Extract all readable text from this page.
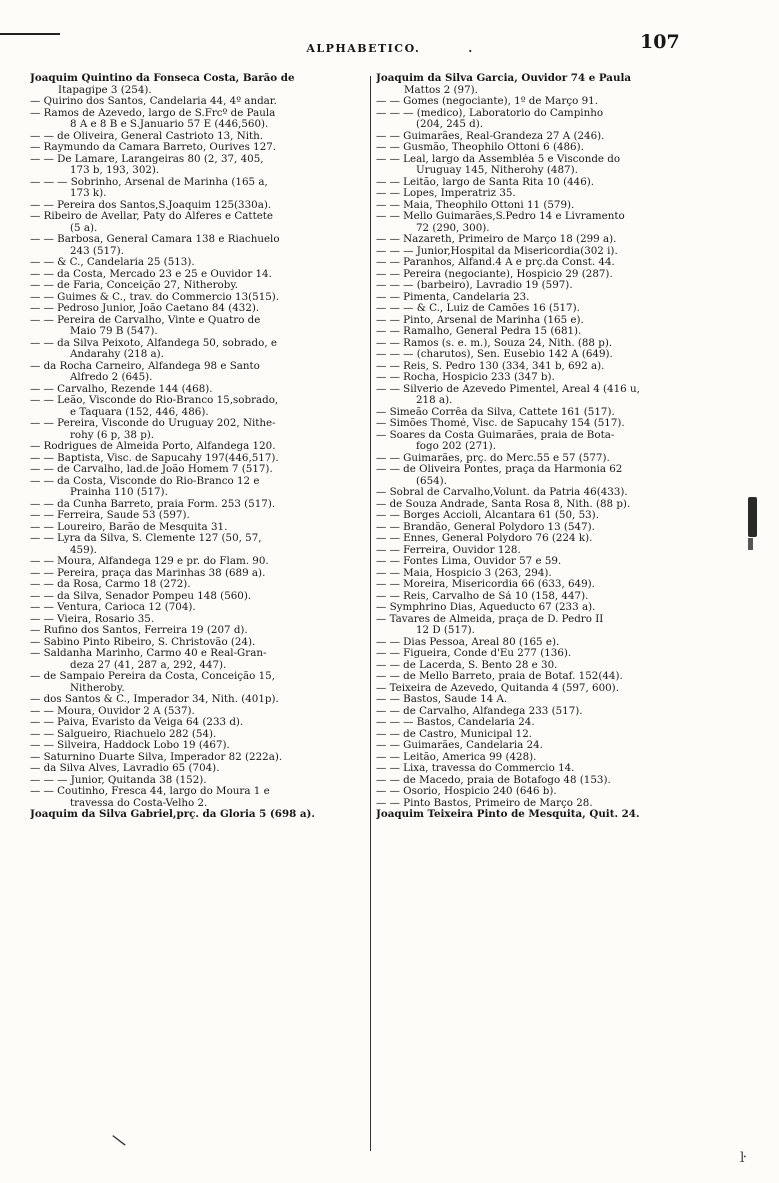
ALPHABETICO.	.	107
Joaquim Quintino da Fonseca Costa, Barão de
Itapagipe 3 (254).
— Quirino dos Santos, Candelaria 44, 4º andar.
— Ramos de Azevedo, largo de S.Frcº de Paula
8 A e 8 B e S.Januario 57 E (446,560).
— — de Oliveira, General Castrioto 13, Nith.
— Raymundo da Camara Barreto, Ourives 127.
— — De Lamare, Larangeiras 80 (2, 37, 405,
173 b, 193, 302).
— — — Sobrinho, Arsenal de Marinha (165 a,
173 k).
— — Pereira dos Santos,S.Joaquim 125(330a).
— Ribeiro de Avellar, Paty do Alferes e Cattete
(5 a).
— — Barbosa, General Camara 138 e Riachuelo
243 (517).
— — & C., Candelaria 25 (513).
— — da Costa, Mercado 23 e 25 e Ouvidor 14.
— — de Faria, Conceição 27, Nitheroby.
— — Guimes & C., trav. do Commercio 13(515).
— — Pedroso Junior, João Caetano 84 (432).
— — Pereira de Carvalho, Vinte e Quatro de
Maio 79 B (547).
— — da Silva Peixoto, Alfandega 50, sobrado, e
Andarahy (218 a).
— da Rocha Carneiro, Alfandega 98 e Santo
Alfredo 2 (645).
— — Carvalho, Rezende 144 (468).
— — Leão, Visconde do Rio-Branco 15,sobrado,
e Taquara (152, 446, 486).
— — Pereira, Visconde do Uruguay 202, Nithe-
rohy (6 p, 38 p).
— Rodrigues de Almeida Porto, Alfandega 120.
— — Baptista, Visc. de Sapucahy 197(446,517).
— — de Carvalho, lad.de João Homem 7 (517).
— — da Costa, Visconde do Rio-Branco 12 e
Prainha 110 (517).
— — da Cunha Barreto, praia Form. 253 (517).
— — Ferreira, Saude 53 (597).
— — Loureiro, Barão de Mesquita 31.
— — Lyra da Silva, S. Clemente 127 (50, 57,
459).
— — Moura, Alfandega 129 e pr. do Flam. 90.
— — Pereira, praça das Marinhas 38 (689 a).
— — da Rosa, Carmo 18 (272).
— — da Silva, Senador Pompeu 148 (560).
— — Ventura, Carioca 12 (704).
— — Vieira, Rosario 35.
— Rufino dos Santos, Ferreira 19 (207 d).
— Sabino Pinto Ribeiro, S. Christovão (24).
— Saldanha Marinho, Carmo 40 e Real-Gran-
deza 27 (41, 287 a, 292, 447).
— de Sampaio Pereira da Costa, Conceição 15,
Nitheroby.
— dos Santos & C., Imperador 34, Nith. (401p).
— — Moura, Ouvidor 2 A (537).
— — Paiva, Evaristo da Veiga 64 (233 d).
— — Salgueiro, Riachuelo 282 (54).
— — Silveira, Haddock Lobo 19 (467).
— Saturnino Duarte Silva, Imperador 82 (222a).
— da Silva Alves, Lavradio 65 (704).
— — — Junior, Quitanda 38 (152).
— — Coutinho, Fresca 44, largo do Moura 1 e
travessa do Costa-Velho 2.
Joaquim da Silva Gabriel,prç. da Gloria 5 (698 a).
Joaquim da Silva Garcia, Ouvidor 74 e Paula
Mattos 2 (97).
— — Gomes (negociante), 1º de Março 91.
— — — (medico), Laboratorio do Campinho
(204, 245 d).
— — Guimarães, Real-Grandeza 27 A (246).
— — Gusmão, Theophilo Ottoni 6 (486).
— — Leal, largo da Assembléa 5 e Visconde do
Uruguay 145, Nitherohy (487).
— — Leitão, largo de Santa Rita 10 (446).
— — Lopes, Imperatriz 35.
— — Maia, Theophilo Ottoni 11 (579).
— — Mello Guimarães,S.Pedro 14 e Livramento
72 (290, 300).
— — Nazareth, Primeiro de Março 18 (299 a).
— — — Junior,Hospital da Misericordia(302 i).
— — Paranhos, Alfand.4 A e prç.da Const. 44.
— — Pereira (negociante), Hospicio 29 (287).
— — — (barbeiro), Lavradio 19 (597).
— — Pimenta, Candelaria 23.
— — — & C., Luiz de Camões 16 (517).
— — Pinto, Arsenal de Marinha (165 e).
— — Ramalho, General Pedra 15 (681).
— — Ramos (s. e. m.), Souza 24, Nith. (88 p).
— — — (charutos), Sen. Eusebio 142 A (649).
— — Reis, S. Pedro 130 (334, 341 b, 692 a).
— — Rocha, Hospicio 233 (347 b).
— — Silverio de Azevedo Pimentel, Areal 4 (416 u,
218 a).
— Simeão Corrêa da Silva, Cattete 161 (517).
— Simões Thomé, Visc. de Sapucahy 154 (517).
— Soares da Costa Guimarães, praia de Bota-
fogo 202 (271).
— — Guimarães, prç. do Merc.55 e 57 (577).
— — de Oliveira Pontes, praça da Harmonia 62
(654).
— Sobral de Carvalho,Volunt. da Patria 46(433).
— de Souza Andrade, Santa Rosa 8, Nith. (88 p).
— — Borges Accioli, Alcantara 61 (50, 53).
— — Brandão, General Polydoro 13 (547).
— — Ennes, General Polydoro 76 (224 k).
— — Ferreira, Ouvidor 128.
— — Fontes Lima, Ouvidor 57 e 59.
— — Maia, Hospicio 3 (263, 294).
— — Moreira, Misericordia 66 (633, 649).
— — Reis, Carvalho de Sá 10 (158, 447).
— Symphrino Dias, Aqueducto 67 (233 a).
— Tavares de Almeida, praça de D. Pedro II
12 D (517).
— — Dias Pessoa, Areal 80 (165 e).
— — Figueira, Conde d'Eu 277 (136).
— — de Lacerda, S. Bento 28 e 30.
— — de Mello Barreto, praia de Botaf. 152(44).
— Teixeira de Azevedo, Quitanda 4 (597, 600).
— — Bastos, Saude 14 A.
— — de Carvalho, Alfandega 233 (517).
— — — Bastos, Candelaria 24.
— — de Castro, Municipal 12.
— — Guimarães, Candelaria 24.
— — Leitão, America 99 (428).
— — Lixa, travessa do Commercio 14.
— — de Macedo, praia de Botafogo 48 (153).
— — Osorio, Hospicio 240 (646 b).
— — Pinto Bastos, Primeiro de Março 28.
Joaquim Teixeira Pinto de Mesquita, Quit. 24.
\
ŀ
